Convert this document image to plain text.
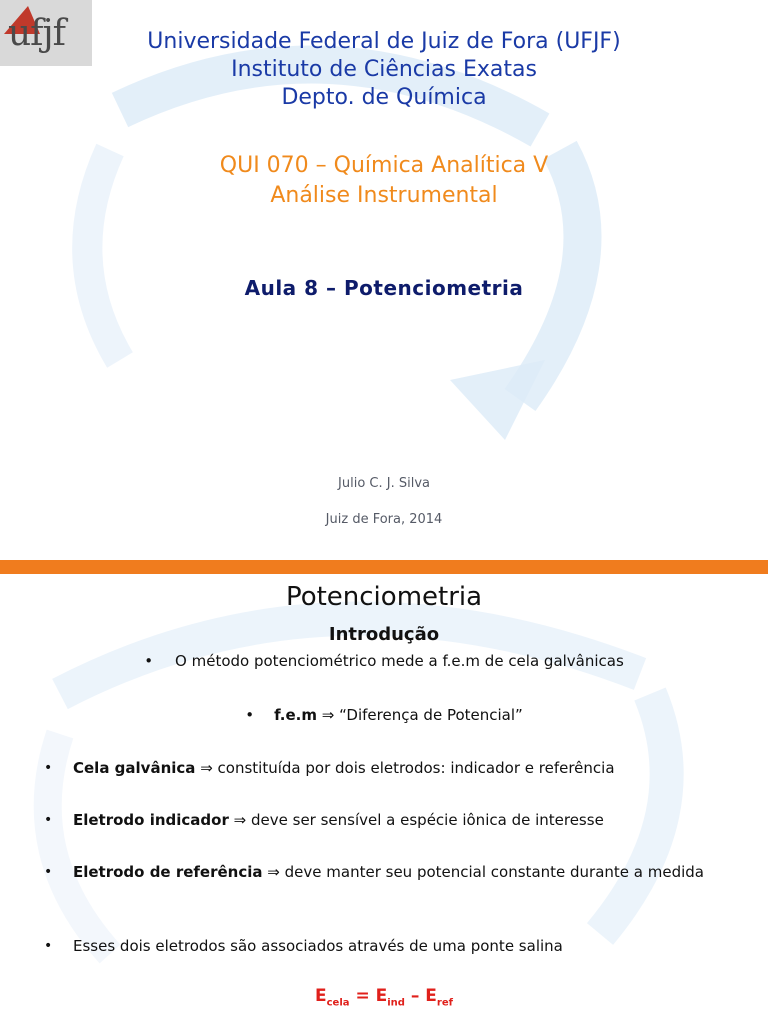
ufjf	Universidade Federal de Juiz de Fora (UFJF)
Instituto de Ciências Exatas
Depto. de Química
QUI 070 – Química Analítica V
Análise Instrumental
Aula 8 – Potenciometria
Julio C. J. Silva
Juiz de Fora, 2014
Potenciometria
Introdução
• O método potenciométrico mede a f.e.m de cela galvânicas
• f.e.m ⇒ “Diferença de Potencial”
• Cela galvânica ⇒ constituída por dois eletrodos: indicador e referência
• Eletrodo indicador ⇒ deve ser sensível a espécie iônica de interesse
• Eletrodo de referência ⇒ deve manter seu potencial constante durante a medida
• Esses dois eletrodos são associados através de uma ponte salina
$E_{cela} = E_{ind} - E_{ref}$
